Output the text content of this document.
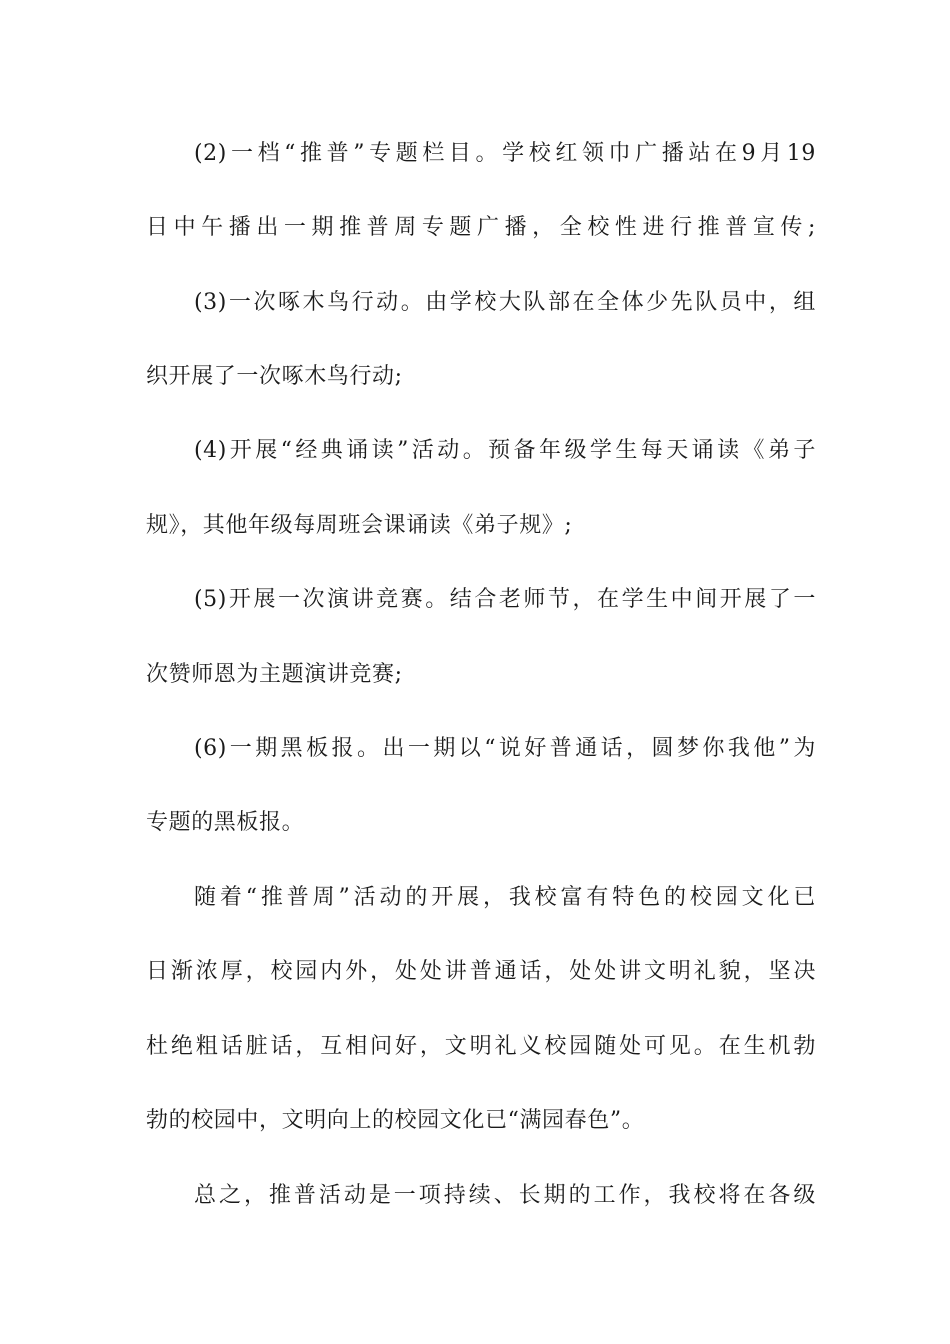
(2)一档“推普”专题栏目。学校红领巾广播站在9月19
日中午播出一期推普周专题广播，全校性进行推普宣传;
(3)一次啄木鸟行动。由学校大队部在全体少先队员中，组
织开展了一次啄木鸟行动;
(4)开展“经典诵读”活动。预备年级学生每天诵读《弟子
规》，其他年级每周班会课诵读《弟子规》;
(5)开展一次演讲竞赛。结合老师节，在学生中间开展了一
次赞师恩为主题演讲竞赛;
(6)一期黑板报。出一期以“说好普通话，圆梦你我他”为
专题的黑板报。
随着“推普周”活动的开展，我校富有特色的校园文化已
日渐浓厚，校园内外，处处讲普通话，处处讲文明礼貌，坚决
杜绝粗话脏话，互相问好，文明礼义校园随处可见。在生机勃
勃的校园中，文明向上的校园文化已“满园春色”。
总之，推普活动是一项持续、长期的工作，我校将在各级
